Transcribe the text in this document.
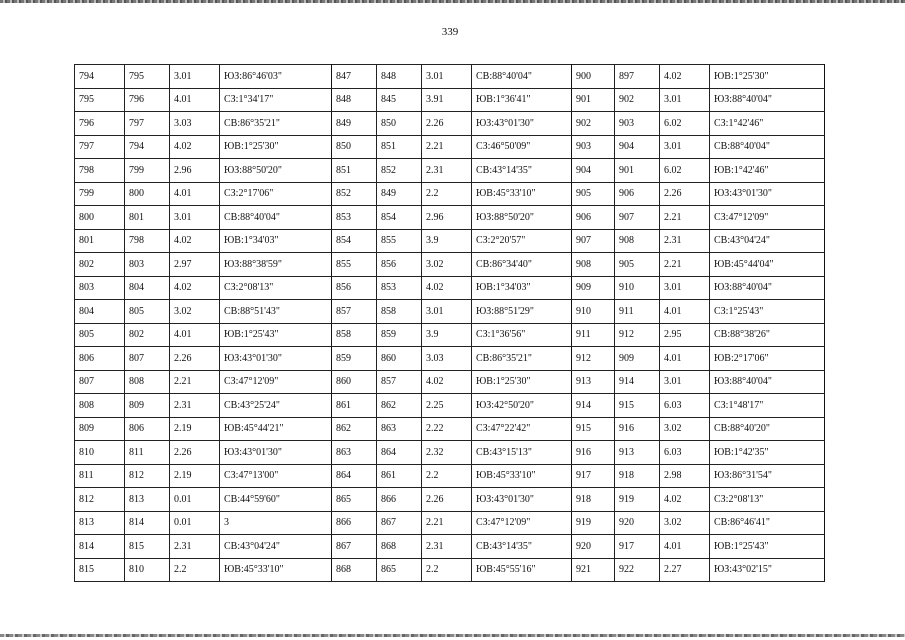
339
794	795	3.01	ЮЗ:86°46'03"	847	848	3.01	СВ:88°40'04"	900	897	4.02	ЮВ:1°25'30"
795	796	4.01	СЗ:1°34'17"	848	845	3.91	ЮВ:1°36'41"	901	902	3.01	ЮЗ:88°40'04"
796	797	3.03	СВ:86°35'21"	849	850	2.26	ЮЗ:43°01'30"	902	903	6.02	СЗ:1°42'46"
797	794	4.02	ЮВ:1°25'30"	850	851	2.21	СЗ:46°50'09"	903	904	3.01	СВ:88°40'04"
798	799	2.96	ЮЗ:88°50'20"	851	852	2.31	СВ:43°14'35"	904	901	6.02	ЮВ:1°42'46"
799	800	4.01	СЗ:2°17'06"	852	849	2.2	ЮВ:45°33'10"	905	906	2.26	ЮЗ:43°01'30"
800	801	3.01	СВ:88°40'04"	853	854	2.96	ЮЗ:88°50'20"	906	907	2.21	СЗ:47°12'09"
801	798	4.02	ЮВ:1°34'03"	854	855	3.9	СЗ:2°20'57"	907	908	2.31	СВ:43°04'24"
802	803	2.97	ЮЗ:88°38'59"	855	856	3.02	СВ:86°34'40"	908	905	2.21	ЮВ:45°44'04"
803	804	4.02	СЗ:2°08'13"	856	853	4.02	ЮВ:1°34'03"	909	910	3.01	ЮЗ:88°40'04"
804	805	3.02	СВ:88°51'43"	857	858	3.01	ЮЗ:88°51'29"	910	911	4.01	СЗ:1°25'43"
805	802	4.01	ЮВ:1°25'43"	858	859	3.9	СЗ:1°36'56"	911	912	2.95	СВ:88°38'26"
806	807	2.26	ЮЗ:43°01'30"	859	860	3.03	СВ:86°35'21"	912	909	4.01	ЮВ:2°17'06"
807	808	2.21	СЗ:47°12'09"	860	857	4.02	ЮВ:1°25'30"	913	914	3.01	ЮЗ:88°40'04"
808	809	2.31	СВ:43°25'24"	861	862	2.25	ЮЗ:42°50'20"	914	915	6.03	СЗ:1°48'17"
809	806	2.19	ЮВ:45°44'21"	862	863	2.22	СЗ:47°22'42"	915	916	3.02	СВ:88°40'20"
810	811	2.26	ЮЗ:43°01'30"	863	864	2.32	СВ:43°15'13"	916	913	6.03	ЮВ:1°42'35"
811	812	2.19	СЗ:47°13'00"	864	861	2.2	ЮВ:45°33'10"	917	918	2.98	ЮЗ:86°31'54"
812	813	0.01	СВ:44°59'60"	865	866	2.26	ЮЗ:43°01'30"	918	919	4.02	СЗ:2°08'13"
813	814	0.01	3	866	867	2.21	СЗ:47°12'09"	919	920	3.02	СВ:86°46'41"
814	815	2.31	СВ:43°04'24"	867	868	2.31	СВ:43°14'35"	920	917	4.01	ЮВ:1°25'43"
815	810	2.2	ЮВ:45°33'10"	868	865	2.2	ЮВ:45°55'16"	921	922	2.27	ЮЗ:43°02'15"
